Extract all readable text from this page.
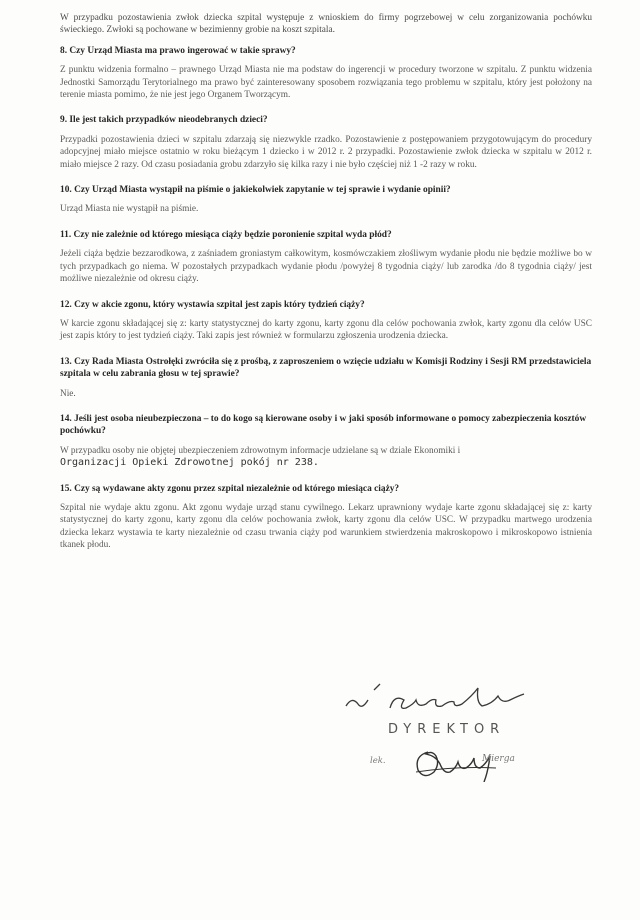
W przypadku pozostawienia zwłok dziecka szpital występuje z wnioskiem do firmy pogrzebowej w celu zorganizowania pochówku świeckiego. Zwłoki są pochowane w bezimienny grobie na koszt szpitala.

8. Czy Urząd Miasta ma prawo ingerować w takie sprawy?

Z punktu widzenia formalno – prawnego Urząd Miasta nie ma podstaw do ingerencji w procedury tworzone w szpitalu. Z punktu widzenia Jednostki Samorządu Terytorialnego ma prawo być zainteresowany sposobem rozwiązania tego problemu w szpitalu, który jest położony na terenie miasta pomimo, że nie jest jego Organem Tworzącym.

9. Ile jest takich przypadków nieodebranych dzieci?

Przypadki pozostawienia dzieci w szpitalu zdarzają się niezwykle rzadko. Pozostawienie z postępowaniem przygotowującym do procedury adopcyjnej miało miejsce ostatnio w roku bieżącym 1 dziecko i w 2012 r. 2 przypadki. Pozostawienie zwłok dziecka w szpitalu w 2012 r. miało miejsce 2 razy. Od czasu posiadania grobu zdarzyło się kilka razy i nie było częściej niż 1 -2 razy w roku.

10. Czy Urząd Miasta wystąpił na piśmie o jakiekolwiek zapytanie w tej sprawie i wydanie opinii?

Urząd Miasta nie wystąpił na piśmie.

11. Czy nie zależnie od którego miesiąca ciąży będzie poronienie szpital wyda płód?

Jeżeli ciąża będzie bezzarodkowa, z zaśniadem groniastym całkowitym, kosmówczakiem złośliwym wydanie płodu nie będzie możliwe bo w tych przypadkach go niema. W pozostałych przypadkach wydanie płodu /powyżej 8 tygodnia ciąży/ lub zarodka /do 8 tygodnia ciąży/ jest możliwe niezależnie od okresu ciąży.

12. Czy w akcie zgonu, który wystawia szpital jest zapis który tydzień ciąży?

W karcie zgonu składającej się z: karty statystycznej do karty zgonu, karty zgonu dla celów pochowania zwłok, karty zgonu dla celów USC jest zapis który to jest tydzień ciąży. Taki zapis jest również w formularzu zgłoszenia urodzenia dziecka.

13. Czy Rada Miasta Ostrołęki zwróciła się z prośbą, z zaproszeniem o wzięcie udziału w Komisji Rodziny i Sesji RM przedstawiciela szpitala w celu zabrania głosu w tej sprawie?

Nie.

14. Jeśli jest osoba nieubezpieczona – to do kogo są kierowane osoby i w jaki sposób informowane o pomocy zabezpieczenia kosztów pochówku?

W przypadku osoby nie objętej ubezpieczeniem zdrowotnym informacje udzielane są w dziale Ekonomiki i

Organizacji Opieki Zdrowotnej pokój nr 238.

15. Czy są wydawane akty zgonu przez szpital niezależnie od którego miesiąca ciąży?

Szpital nie wydaje aktu zgonu. Akt zgonu wydaje urząd stanu cywilnego. Lekarz uprawniony wydaje karte zgonu składającej się z: karty statystycznej do karty zgonu, karty zgonu dla celów pochowania zwłok, karty zgonu dla celów USC. W przypadku martwego urodzenia dziecka lekarz wystawia te karty niezależnie od czasu trwania ciąży pod warunkiem stwierdzenia makroskopowo i mikroskopowo istnienia tkanek płodu.

DYREKTOR
lek.	Mierga
